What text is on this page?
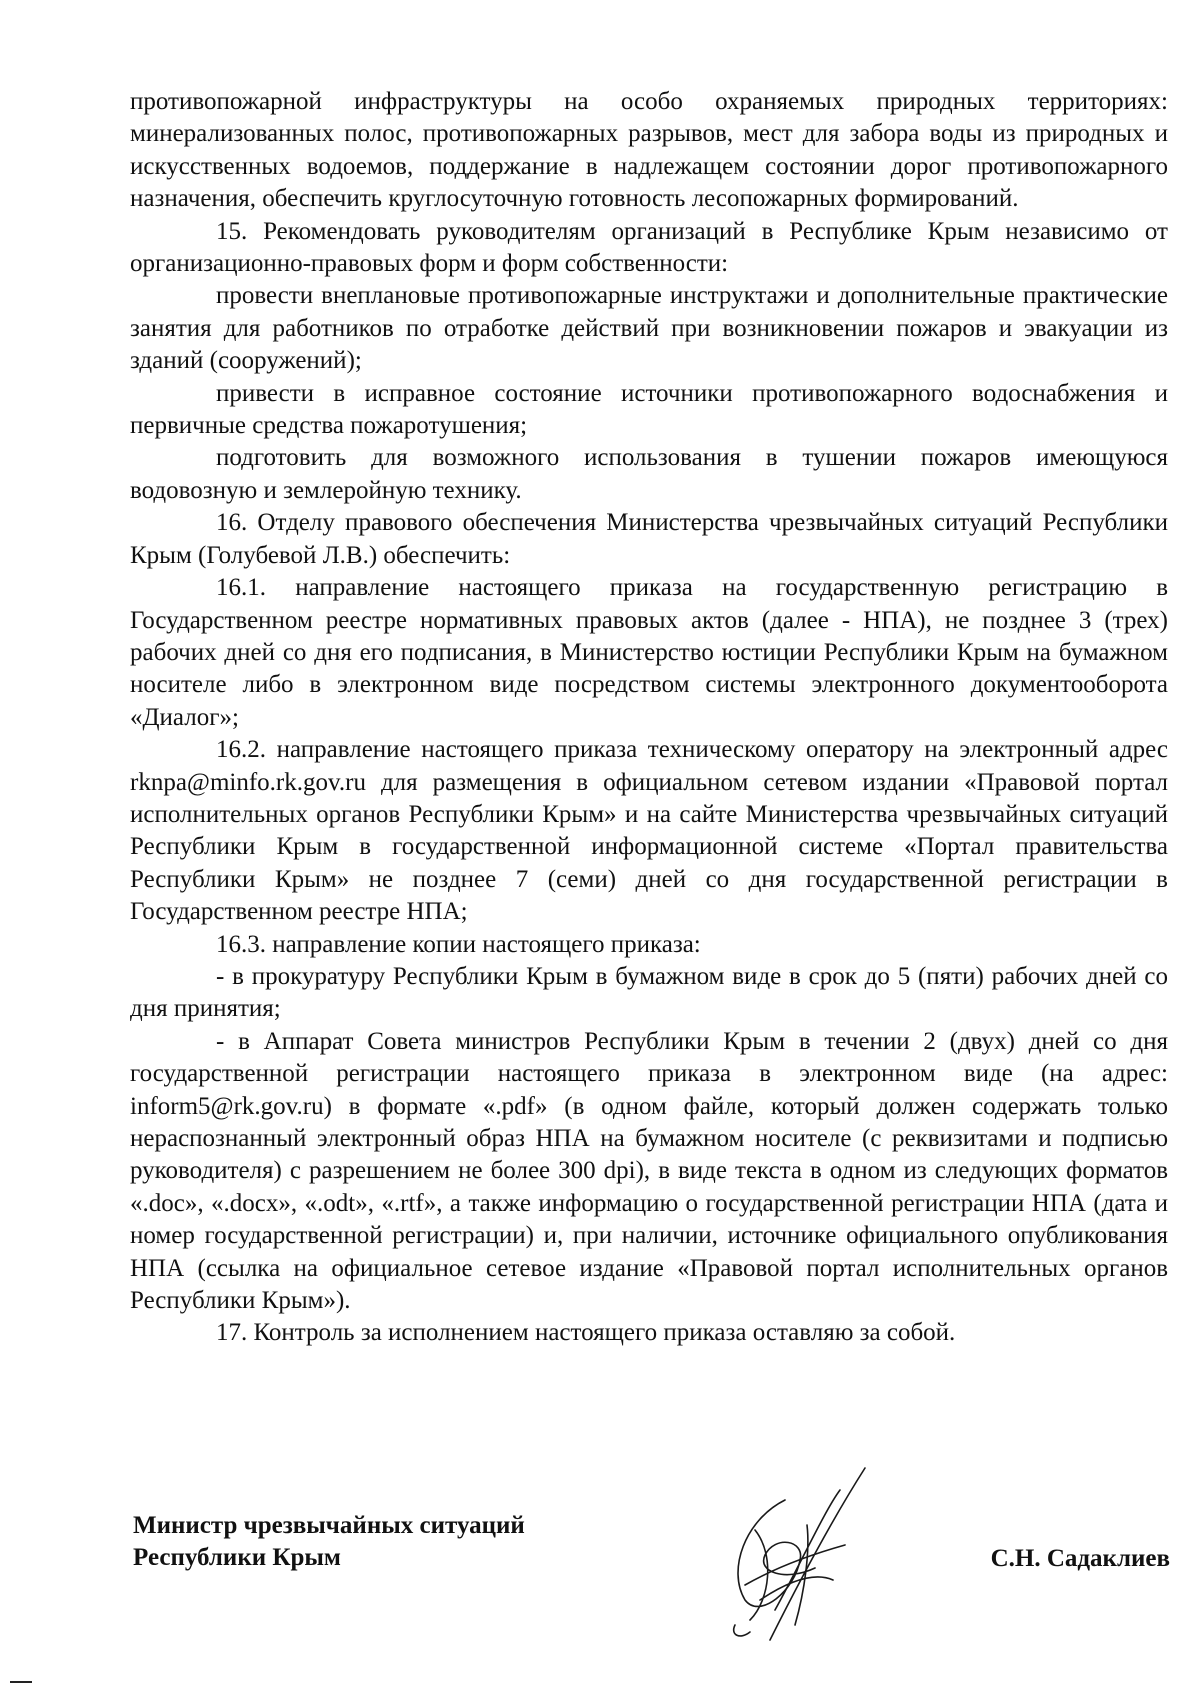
противопожарной инфраструктуры на особо охраняемых природных территориях: минерализованных полос, противопожарных разрывов, мест для забора воды из природных и искусственных водоемов, поддержание в надлежащем состоянии дорог противопожарного назначения, обеспечить круглосуточную готовность лесопожарных формирований.

15. Рекомендовать руководителям организаций в Республике Крым независимо от организационно-правовых форм и форм собственности:

провести внеплановые противопожарные инструктажи и дополнительные практические занятия для работников по отработке действий при возникновении пожаров и эвакуации из зданий (сооружений);

привести в исправное состояние источники противопожарного водоснабжения и первичные средства пожаротушения;

подготовить для возможного использования в тушении пожаров имеющуюся водовозную и землеройную технику.

16. Отделу правового обеспечения Министерства чрезвычайных ситуаций Республики Крым (Голубевой Л.В.) обеспечить:

16.1. направление настоящего приказа на государственную регистрацию в Государственном реестре нормативных правовых актов (далее - НПА), не позднее 3 (трех) рабочих дней со дня его подписания, в Министерство юстиции Республики Крым на бумажном носителе либо в электронном виде посредством системы электронного документооборота «Диалог»;

16.2. направление настоящего приказа техническому оператору на электронный адрес rknpa@minfo.rk.gov.ru для размещения в официальном сетевом издании «Правовой портал исполнительных органов Республики Крым» и на сайте Министерства чрезвычайных ситуаций Республики Крым в государственной информационной системе «Портал правительства Республики Крым» не позднее 7 (семи) дней со дня государственной регистрации в Государственном реестре НПА;

16.3. направление копии настоящего приказа:

- в прокуратуру Республики Крым в бумажном виде в срок до 5 (пяти) рабочих дней со дня принятия;

- в Аппарат Совета министров Республики Крым в течении 2 (двух) дней со дня государственной регистрации настоящего приказа в электронном виде (на адрес: inform5@rk.gov.ru) в формате «.pdf» (в одном файле, который должен содержать только нераспознанный электронный образ НПА на бумажном носителе (с реквизитами и подписью руководителя) с разрешением не более 300 dpi), в виде текста в одном из следующих форматов «.doc», «.docx», «.odt», «.rtf», а также информацию о государственной регистрации НПА (дата и номер государственной регистрации) и, при наличии, источнике официального опубликования НПА (ссылка на официальное сетевое издание «Правовой портал исполнительных органов Республики Крым»).

17. Контроль за исполнением настоящего приказа оставляю за собой.

Министр чрезвычайных ситуаций
Республики Крым	С.Н. Садаклиев
